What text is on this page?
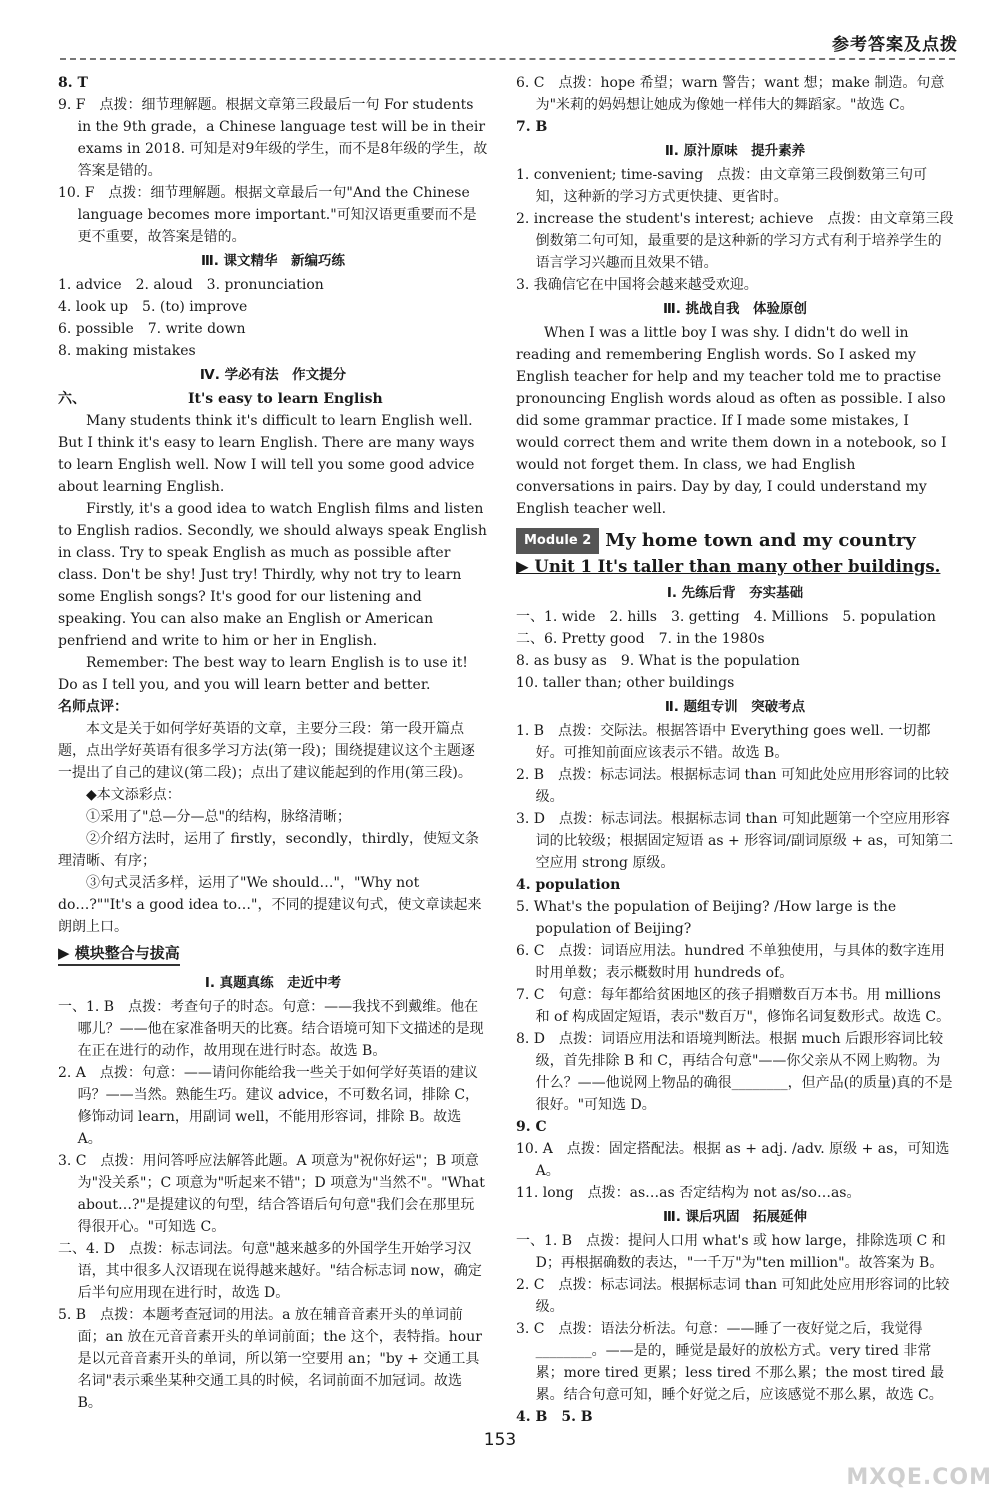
参考答案及点拨

8. T

9. F　点拨：细节理解题。根据文章第三段最后一句 For students in the 9th grade，a Chinese language test will be in their exams in 2018. 可知是对9年级的学生，而不是8年级的学生，故答案是错的。

10. F　点拨：细节理解题。根据文章最后一句"And the Chinese language becomes more important."可知汉语更重要而不是更不重要，故答案是错的。

Ⅲ. 课文精华　新编巧练

1. advice　2. aloud　3. pronunciation

4. look up　5. (to) improve

6. possible　7. write down

8. making mistakes

Ⅳ. 学必有法　作文提分

六、	It's easy to learn English

Many students think it's difficult to learn English well. But I think it's easy to learn English. There are many ways to learn English well. Now I will tell you some good advice about learning English.

Firstly, it's a good idea to watch English films and listen to English radios. Secondly, we should always speak English in class. Try to speak English as much as possible after class. Don't be shy! Just try! Thirdly, why not try to learn some English songs? It's good for our listening and speaking. You can also make an English or American penfriend and write to him or her in English.

Remember: The best way to learn English is to use it! Do as I tell you, and you will learn better and better.

名师点评：

本文是关于如何学好英语的文章，主要分三段：第一段开篇点题，点出学好英语有很多学习方法(第一段)；围绕提建议这个主题逐一提出了自己的建议(第二段)；点出了建议能起到的作用(第三段)。

◆本文添彩点：

①采用了"总—分—总"的结构，脉络清晰；

②介绍方法时，运用了 firstly，secondly，thirdly，使短文条理清晰、有序；

③句式灵活多样，运用了"We should…"，"Why not do…?""It's a good idea to…"，不同的提建议句式，使文章读起来朗朗上口。

▶ 模块整合与拔高

Ⅰ. 真题真练　走近中考

一、1. B　点拨：考查句子的时态。句意：——我找不到戴维。他在哪儿？——他在家准备明天的比赛。结合语境可知下文描述的是现在正在进行的动作，故用现在进行时态。故选 B。

2. A　点拨：句意：——请问你能给我一些关于如何学好英语的建议吗？——当然。熟能生巧。建议 advice，不可数名词，排除 C，修饰动词 learn，用副词 well，不能用形容词，排除 B。故选 A。

3. C　点拨：用问答呼应法解答此题。A 项意为"祝你好运"；B 项意为"没关系"；C 项意为"听起来不错"；D 项意为"当然不"。"What about…?"是提建议的句型，结合答语后句句意"我们会在那里玩得很开心。"可知选 C。

二、4. D　点拨：标志词法。句意"越来越多的外国学生开始学习汉语，其中很多人汉语现在说得越来越好。"结合标志词 now，确定后半句应用现在进行时，故选 D。

5. B　点拨：本题考查冠词的用法。a 放在辅音音素开头的单词前面；an 放在元音音素开头的单词前面；the 这个，表特指。hour 是以元音音素开头的单词，所以第一空要用 an；"by + 交通工具名词"表示乘坐某种交通工具的时候，名词前面不加冠词。故选 B。

6. C　点拨：hope 希望；warn 警告；want 想；make 制造。句意为"米莉的妈妈想让她成为像她一样伟大的舞蹈家。"故选 C。

7. B

Ⅱ. 原汁原味　提升素养

1. convenient; time-saving　点拨：由文章第三段倒数第三句可知，这种新的学习方式更快捷、更省时。

2. increase the student's interest; achieve　点拨：由文章第三段倒数第二句可知，最重要的是这种新的学习方式有利于培养学生的语言学习兴趣而且效果不错。

3. 我确信它在中国将会越来越受欢迎。

Ⅲ. 挑战自我　体验原创

When I was a little boy I was shy. I didn't do well in reading and remembering English words. So I asked my English teacher for help and my teacher told me to practise pronouncing English words aloud as often as possible. I also did some grammar practice. If I made some mistakes, I would correct them and write them down in a notebook, so I would not forget them. In class, we had English conversations in pairs. Day by day, I could understand my English teacher well.

Module 2 My home town and my country
▶ Unit 1 It's taller than many other buildings.

Ⅰ. 先练后背　夯实基础

一、1. wide　2. hills　3. getting　4. Millions　5. population

二、6. Pretty good　7. in the 1980s

8. as busy as　9. What is the population

10. taller than; other buildings

Ⅱ. 题组专训　突破考点

1. B　点拨：交际法。根据答语中 Everything goes well. 一切都好。可推知前面应该表示不错。故选 B。

2. B　点拨：标志词法。根据标志词 than 可知此处应用形容词的比较级。

3. D　点拨：标志词法。根据标志词 than 可知此题第一个空应用形容词的比较级；根据固定短语 as + 形容词/副词原级 + as，可知第二空应用 strong 原级。

4. population

5. What's the population of Beijing? /How large is the population of Beijing?

6. C　点拨：词语应用法。hundred 不单独使用，与具体的数字连用时用单数；表示概数时用 hundreds of。

7. C　句意：每年都给贫困地区的孩子捐赠数百万本书。用 millions 和 of 构成固定短语，表示"数百万"，修饰名词复数形式。故选 C。

8. D　点拨：词语应用法和语境判断法。根据 much 后跟形容词比较级，首先排除 B 和 C，再结合句意"——你父亲从不网上购物。为什么？——他说网上物品的确很________，但产品(的质量)真的不是很好。"可知选 D。

9. C

10. A　点拨：固定搭配法。根据 as + adj. /adv. 原级 + as，可知选 A。

11. long　点拨：as…as 否定结构为 not as/so…as。

Ⅲ. 课后巩固　拓展延伸

一、1. B　点拨：提问人口用 what's 或 how large，排除选项 C 和 D；再根据确数的表达，"一千万"为"ten million"。故答案为 B。

2. C　点拨：标志词法。根据标志词 than 可知此处应用形容词的比较级。

3. C　点拨：语法分析法。句意：——睡了一夜好觉之后，我觉得________。——是的，睡觉是最好的放松方式。very tired 非常累；more tired 更累；less tired 不那么累；the most tired 最累。结合句意可知，睡个好觉之后，应该感觉不那么累，故选 C。

4. B　5. B

153
MXQE.COM
